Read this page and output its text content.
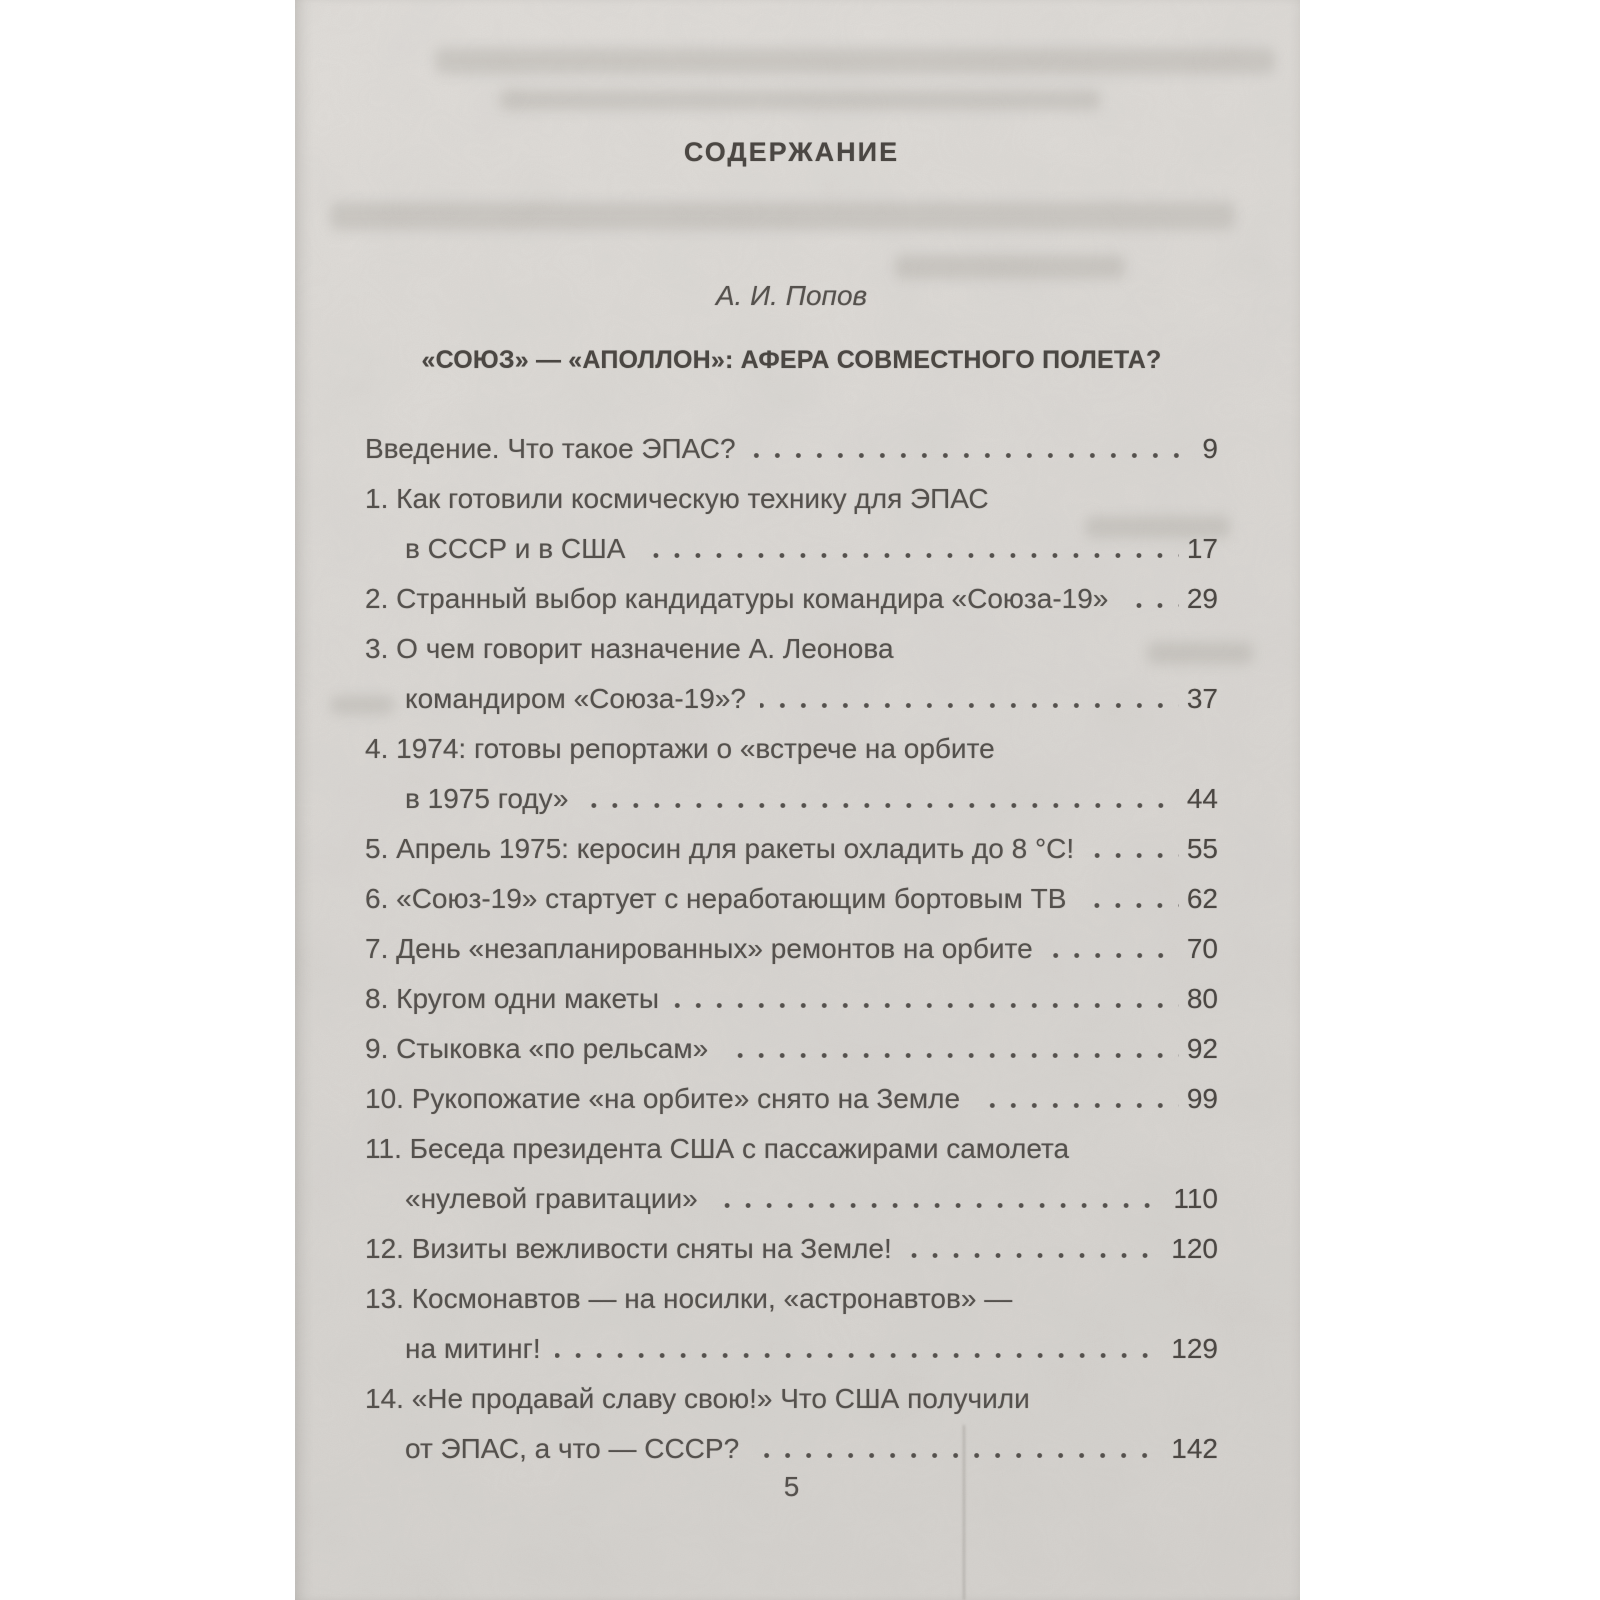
СОДЕРЖАНИЕ
А. И. Попов
«СОЮЗ» — «АПОЛЛОН»: АФЕРА СОВМЕСТНОГО ПОЛЕТА?
Введение. Что такое ЭПАС?	9
1. Как готовили космическую технику для ЭПАС
в СССР и в США	17
2. Странный выбор кандидатуры командира «Союза-19»	29
3. О чем говорит назначение А. Леонова
командиром «Союза-19»?	37
4. 1974: готовы репортажи о «встрече на орбите
в 1975 году»	44
5. Апрель 1975: керосин для ракеты охладить до 8 °С!	55
6. «Союз-19» стартует с неработающим бортовым ТВ	62
7. День «незапланированных» ремонтов на орбите	70
8. Кругом одни макеты	80
9. Стыковка «по рельсам»	92
10. Рукопожатие «на орбите» снято на Земле	99
11. Беседа президента США с пассажирами самолета
«нулевой гравитации»	110
12. Визиты вежливости сняты на Земле!	120
13. Космонавтов — на носилки, «астронавтов» —
на митинг!	129
14. «Не продавай славу свою!» Что США получили
от ЭПАС, а что — СССР?	142
5
